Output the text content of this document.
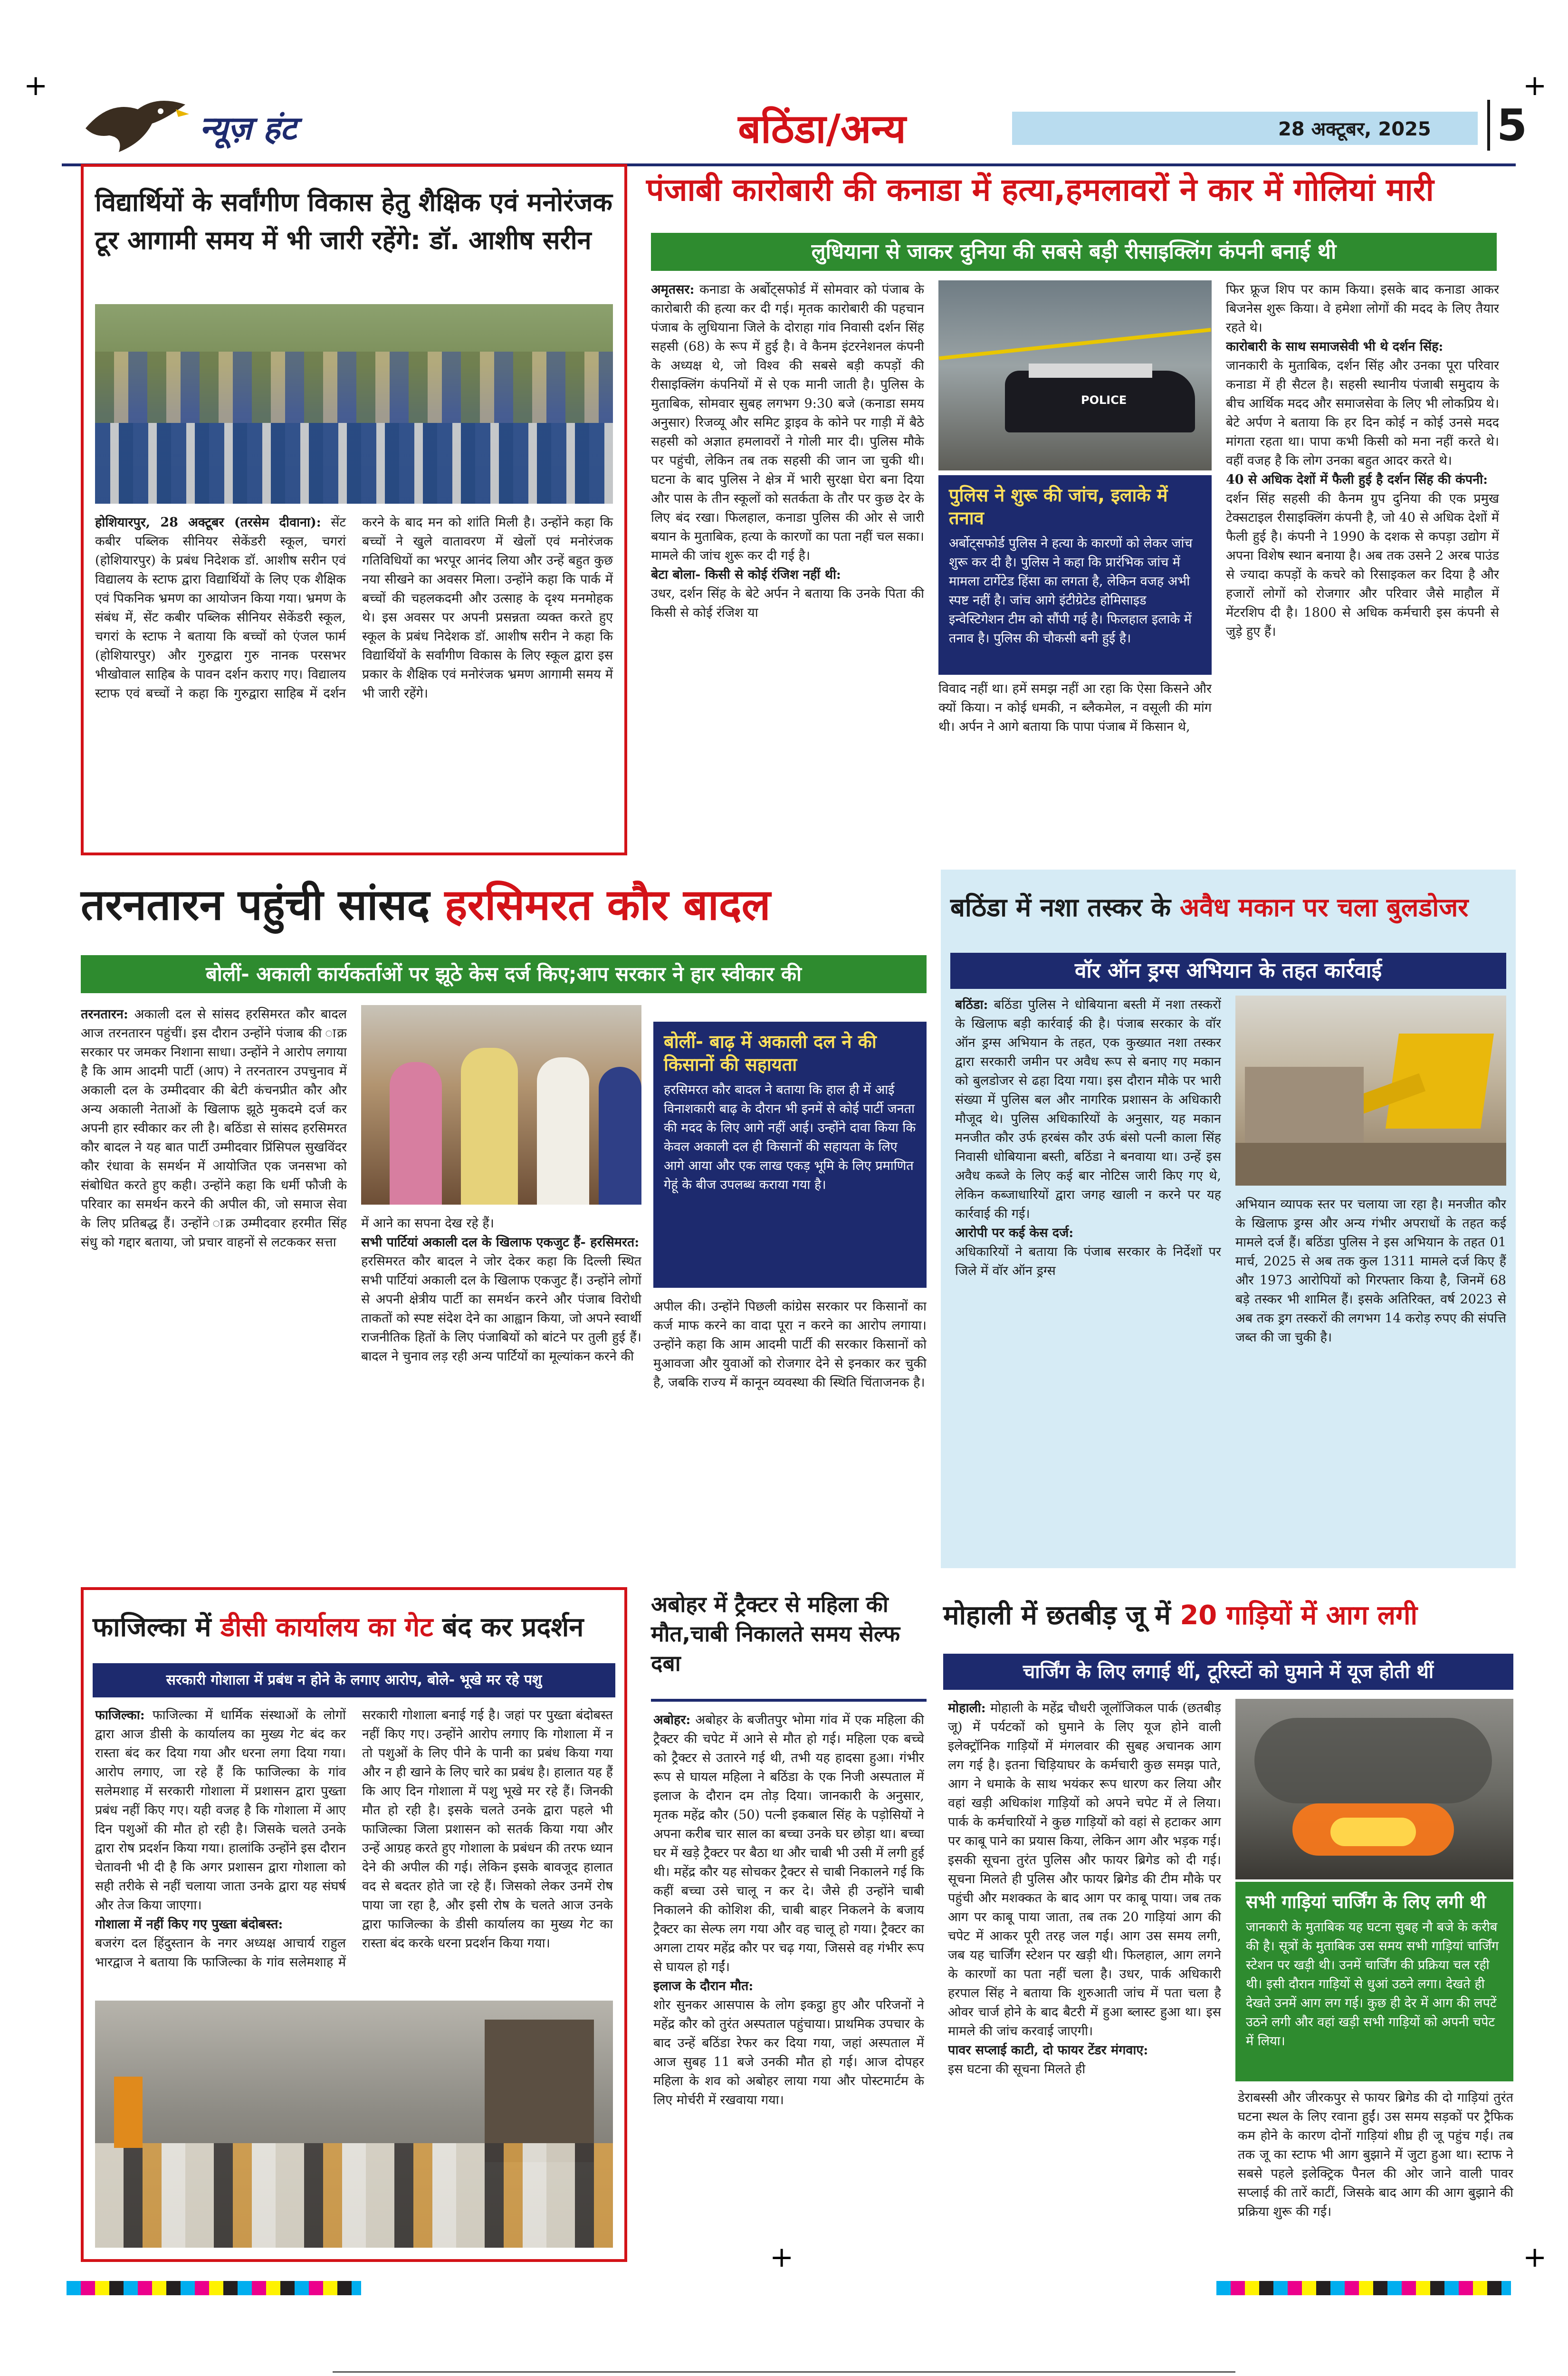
+	+
+	+
न्यूज़ हंट	बठिंडा/अन्य	28 अक्टूबर, 2025 5
विद्यार्थियों के सर्वांगीण विकास हेतु शैक्षिक एवं मनोरंजक
टूर आगामी समय में भी जारी रहेंगे: डॉ. आशीष सरीन
होशियारपुर, 28 अक्टूबर (तरसेम दीवाना): सेंट कबीर पब्लिक सीनियर सेकेंडरी स्कूल, चगरां (होशियारपुर) के प्रबंध निदेशक डॉ. आशीष सरीन एवं विद्यालय के स्टाफ द्वारा विद्यार्थियों के लिए एक शैक्षिक एवं पिकनिक भ्रमण का आयोजन किया गया। भ्रमण के संबंध में, सेंट कबीर पब्लिक सीनियर सेकेंडरी स्कूल, चगरां के स्टाफ ने बताया कि बच्चों को एंजल फार्म (होशियारपुर) और गुरुद्वारा गुरु नानक परसभर भीखोवाल साहिब के पावन दर्शन कराए गए। विद्यालय स्टाफ एवं बच्चों ने कहा कि गुरुद्वारा साहिब में दर्शन करने के बाद मन को शांति मिली है। उन्होंने कहा कि बच्चों ने खुले वातावरण में खेलों एवं मनोरंजक गतिविधियों का भरपूर आनंद लिया और उन्हें बहुत कुछ नया सीखने का अवसर मिला। उन्होंने कहा कि पार्क में बच्चों की चहलकदमी और उत्साह के दृश्य मनमोहक थे। इस अवसर पर अपनी प्रसन्नता व्यक्त करते हुए स्कूल के प्रबंध निदेशक डॉ. आशीष सरीन ने कहा कि विद्यार्थियों के सर्वांगीण विकास के लिए स्कूल द्वारा इस प्रकार के शैक्षिक एवं मनोरंजक भ्रमण आगामी समय में भी जारी रहेंगे।
पंजाबी कारोबारी की कनाडा में हत्या,हमलावरों ने कार में गोलियां मारी
लुधियाना से जाकर दुनिया की सबसे बड़ी रीसाइक्लिंग कंपनी बनाई थी
अमृतसर: कनाडा के अर्बोट्सफोर्ड में सोमवार को पंजाब के कारोबारी की हत्या कर दी गई। मृतक कारोबारी की पहचान पंजाब के लुधियाना जिले के दोराहा गांव निवासी दर्शन सिंह सहसी (68) के रूप में हुई है। वे कैनम इंटरनेशनल कंपनी के अध्यक्ष थे, जो विश्व की सबसे बड़ी कपड़ों की रीसाइक्लिंग कंपनियों में से एक मानी जाती है। पुलिस के मुताबिक, सोमवार सुबह लगभग 9:30 बजे (कनाडा समय अनुसार) रिजव्यू और समिट ड्राइव के कोने पर गाड़ी में बैठे सहसी को अज्ञात हमलावरों ने गोली मार दी। पुलिस मौके पर पहुंची, लेकिन तब तक सहसी की जान जा चुकी थी। घटना के बाद पुलिस ने क्षेत्र में भारी सुरक्षा घेरा बना दिया और पास के तीन स्कूलों को सतर्कता के तौर पर कुछ देर के लिए बंद रखा। फिलहाल, कनाडा पुलिस की ओर से जारी बयान के मुताबिक, हत्या के कारणों का पता नहीं चल सका। मामले की जांच शुरू कर दी गई है।
बेटा बोला- किसी से कोई रंजिश नहीं थी:
उधर, दर्शन सिंह के बेटे अर्पन ने बताया कि उनके पिता की किसी से कोई रंजिश या
POLICE
पुलिस ने शुरू की जांच, इलाके में तनाव
अर्बोट्सफोर्ड पुलिस ने हत्या के कारणों को लेकर जांच शुरू कर दी है। पुलिस ने कहा कि प्रारंभिक जांच में मामला टार्गेटेड हिंसा का लगता है, लेकिन वजह अभी स्पष्ट नहीं है। जांच आगे इंटीग्रेटेड होमिसाइड इन्वेस्टिगेशन टीम को सौंपी गई है। फिलहाल इलाके में तनाव है। पुलिस की चौकसी बनी हुई है।
विवाद नहीं था। हमें समझ नहीं आ रहा कि ऐसा किसने और क्यों किया। न कोई धमकी, न ब्लैकमेल, न वसूली की मांग थी। अर्पन ने आगे बताया कि पापा पंजाब में किसान थे,
फिर फ्रूज शिप पर काम किया। इसके बाद कनाडा आकर बिजनेस शुरू किया। वे हमेशा लोगों की मदद के लिए तैयार रहते थे।
कारोबारी के साथ समाजसेवी भी थे दर्शन सिंह:
जानकारी के मुताबिक, दर्शन सिंह और उनका पूरा परिवार कनाडा में ही सैटल है। सहसी स्थानीय पंजाबी समुदाय के बीच आर्थिक मदद और समाजसेवा के लिए भी लोकप्रिय थे। बेटे अर्पण ने बताया कि हर दिन कोई न कोई उनसे मदद मांगता रहता था। पापा कभी किसी को मना नहीं करते थे। वहीं वजह है कि लोग उनका बहुत आदर करते थे।
40 से अधिक देशों में फैली हुई है दर्शन सिंह की कंपनी:
दर्शन सिंह सहसी की कैनम ग्रुप दुनिया की एक प्रमुख टेक्सटाइल रीसाइक्लिंग कंपनी है, जो 40 से अधिक देशों में फैली हुई है। कंपनी ने 1990 के दशक से कपड़ा उद्योग में अपना विशेष स्थान बनाया है। अब तक उसने 2 अरब पाउंड से ज्यादा कपड़ों के कचरे को रिसाइकल कर दिया है और हजारों लोगों को रोजगार और परिवार जैसे माहौल में मेंटरशिप दी है। 1800 से अधिक कर्मचारी इस कंपनी से जुड़े हुए हैं।
तरनतारन पहुंची सांसद हरसिमरत कौर बादल
बोलीं- अकाली कार्यकर्ताओं पर झूठे केस दर्ज किए;आप सरकार ने हार स्वीकार की
तरनतारन: अकाली दल से सांसद हरसिमरत कौर बादल आज तरनतारन पहुंचीं। इस दौरान उन्होंने पंजाब की ाक्र सरकार पर जमकर निशाना साधा। उन्होंने ने आरोप लगाया है कि आम आदमी पार्टी (आप) ने तरनतारन उपचुनाव में अकाली दल के उम्मीदवार की बेटी कंचनप्रीत कौर और अन्य अकाली नेताओं के खिलाफ झूठे मुकदमे दर्ज कर अपनी हार स्वीकार कर ली है। बठिंडा से सांसद हरसिमरत कौर बादल ने यह बात पार्टी उम्मीदवार प्रिंसिपल सुखविंदर कौर रंधावा के समर्थन में आयोजित एक जनसभा को संबोधित करते हुए कही। उन्होंने कहा कि धर्मी फौजी के परिवार का समर्थन करने की अपील की, जो समाज सेवा के लिए प्रतिबद्ध हैं। उन्होंने ाक्र उम्मीदवार हरमीत सिंह संधु को गद्दार बताया, जो प्रचार वाहनों से लटककर सत्ता
बोलीं- बाढ़ में अकाली दल ने की किसानों की सहायता
हरसिमरत कौर बादल ने बताया कि हाल ही में आई विनाशकारी बाढ़ के दौरान भी इनमें से कोई पार्टी जनता की मदद के लिए आगे नहीं आई। उन्होंने दावा किया कि केवल अकाली दल ही किसानों की सहायता के लिए आगे आया और एक लाख एकड़ भूमि के लिए प्रमाणित गेहूं के बीज उपलब्ध कराया गया है।
में आने का सपना देख रहे हैं।
सभी पार्टियां अकाली दल के खिलाफ एकजुट हैं- हरसिमरत:
हरसिमरत कौर बादल ने जोर देकर कहा कि दिल्ली स्थित सभी पार्टियां अकाली दल के खिलाफ एकजुट हैं। उन्होंने लोगों से अपनी क्षेत्रीय पार्टी का समर्थन करने और पंजाब विरोधी ताकतों को स्पष्ट संदेश देने का आह्वान किया, जो अपने स्वार्थी राजनीतिक हितों के लिए पंजाबियों को बांटने पर तुली हुई हैं। बादल ने चुनाव लड़ रही अन्य पार्टियों का मूल्यांकन करने की
अपील की। उन्होंने पिछली कांग्रेस सरकार पर किसानों का कर्ज माफ करने का वादा पूरा न करने का आरोप लगाया। उन्होंने कहा कि आम आदमी पार्टी की सरकार किसानों को मुआवजा और युवाओं को रोजगार देने से इनकार कर चुकी है, जबकि राज्य में कानून व्यवस्था की स्थिति चिंताजनक है।
बठिंडा में नशा तस्कर के अवैध मकान पर चला बुलडोजर
वॉर ऑन ड्रग्स अभियान के तहत कार्रवाई
बठिंडा: बठिंडा पुलिस ने धोबियाना बस्ती में नशा तस्करों के खिलाफ बड़ी कार्रवाई की है। पंजाब सरकार के वॉर ऑन ड्रग्स अभियान के तहत, एक कुख्यात नशा तस्कर द्वारा सरकारी जमीन पर अवैध रूप से बनाए गए मकान को बुलडोजर से ढहा दिया गया। इस दौरान मौके पर भारी संख्या में पुलिस बल और नागरिक प्रशासन के अधिकारी मौजूद थे। पुलिस अधिकारियों के अनुसार, यह मकान मनजीत कौर उर्फ हरबंस कौर उर्फ बंसो पत्नी काला सिंह निवासी धोबियाना बस्ती, बठिंडा ने बनवाया था। उन्हें इस अवैध कब्जे के लिए कई बार नोटिस जारी किए गए थे, लेकिन कब्जाधारियों द्वारा जगह खाली न करने पर यह कार्रवाई की गई।
आरोपी पर कई केस दर्ज:
अधिकारियों ने बताया कि पंजाब सरकार के निर्देशों पर जिले में वॉर ऑन ड्रग्स
अभियान व्यापक स्तर पर चलाया जा रहा है। मनजीत कौर के खिलाफ ड्रग्स और अन्य गंभीर अपराधों के तहत कई मामले दर्ज हैं। बठिंडा पुलिस ने इस अभियान के तहत 01 मार्च, 2025 से अब तक कुल 1311 मामले दर्ज किए हैं और 1973 आरोपियों को गिरफ्तार किया है, जिनमें 68 बड़े तस्कर भी शामिल हैं। इसके अतिरिक्त, वर्ष 2023 से अब तक ड्रग तस्करों की लगभग 14 करोड़ रुपए की संपत्ति जब्त की जा चुकी है।
फाजिल्का में डीसी कार्यालय का गेट बंद कर प्रदर्शन
सरकारी गोशाला में प्रबंध न होने के लगाए आरोप, बोले- भूखे मर रहे पशु
फाजिल्का: फाजिल्का में धार्मिक संस्थाओं के लोगों द्वारा आज डीसी के कार्यालय का मुख्य गेट बंद कर रास्ता बंद कर दिया गया और धरना लगा दिया गया। आरोप लगाए, जा रहे हैं कि फाजिल्का के गांव सलेमशाह में सरकारी गोशाला में प्रशासन द्वारा पुख्ता प्रबंध नहीं किए गए। यही वजह है कि गोशाला में आए दिन पशुओं की मौत हो रही है। जिसके चलते उनके द्वारा रोष प्रदर्शन किया गया। हालांकि उन्होंने इस दौरान चेतावनी भी दी है कि अगर प्रशासन द्वारा गोशाला को सही तरीके से नहीं चलाया जाता उनके द्वारा यह संघर्ष और तेज किया जाएगा।
गोशाला में नहीं किए गए पुख्ता बंदोबस्त:
बजरंग दल हिंदुस्तान के नगर अध्यक्ष आचार्य राहुल भारद्वाज ने बताया कि फाजिल्का के गांव सलेमशाह में सरकारी गोशाला बनाई गई है। जहां पर पुख्ता बंदोबस्त नहीं किए गए। उन्होंने आरोप लगाए कि गोशाला में न तो पशुओं के लिए पीने के पानी का प्रबंध किया गया और न ही खाने के लिए चारे का प्रबंध है। हालात यह हैं कि आए दिन गोशाला में पशु भूखे मर रहे हैं। जिनकी मौत हो रही है। इसके चलते उनके द्वारा पहले भी फाजिल्का जिला प्रशासन को सतर्क किया गया और उन्हें आग्रह करते हुए गोशाला के प्रबंधन की तरफ ध्यान देने की अपील की गई। लेकिन इसके बावजूद हालात वद से बदतर होते जा रहे हैं। जिसको लेकर उनमें रोष पाया जा रहा है, और इसी रोष के चलते आज उनके द्वारा फाजिल्का के डीसी कार्यालय का मुख्य गेट का रास्ता बंद करके धरना प्रदर्शन किया गया।
अबोहर में ट्रैक्टर से महिला की मौत,चाबी निकालते समय सेल्फ दबा
अबोहर: अबोहर के बजीतपुर भोमा गांव में एक महिला की ट्रैक्टर की चपेट में आने से मौत हो गई। महिला एक बच्चे को ट्रैक्टर से उतारने गई थी, तभी यह हादसा हुआ। गंभीर रूप से घायल महिला ने बठिंडा के एक निजी अस्पताल में इलाज के दौरान दम तोड़ दिया। जानकारी के अनुसार, मृतक महेंद्र कौर (50) पत्नी इकबाल सिंह के पड़ोसियों ने अपना करीब चार साल का बच्चा उनके घर छोड़ा था। बच्चा घर में खड़े ट्रैक्टर पर बैठा था और चाबी भी उसी में लगी हुई थी। महेंद्र कौर यह सोचकर ट्रैक्टर से चाबी निकालने गई कि कहीं बच्चा उसे चालू न कर दे। जैसे ही उन्होंने चाबी निकालने की कोशिश की, चाबी बाहर निकलने के बजाय ट्रैक्टर का सेल्फ लग गया और वह चालू हो गया। ट्रैक्टर का अगला टायर महेंद्र कौर पर चढ़ गया, जिससे वह गंभीर रूप से घायल हो गईं।
इलाज के दौरान मौत:
शोर सुनकर आसपास के लोग इकट्ठा हुए और परिजनों ने महेंद्र कौर को तुरंत अस्पताल पहुंचाया। प्राथमिक उपचार के बाद उन्हें बठिंडा रेफर कर दिया गया, जहां अस्पताल में आज सुबह 11 बजे उनकी मौत हो गई। आज दोपहर महिला के शव को अबोहर लाया गया और पोस्टमार्टम के लिए मोर्चरी में रखवाया गया।
मोहाली में छतबीड़ जू में 20 गाड़ियों में आग लगी
चार्जिंग के लिए लगाई थीं, टूरिस्टों को घुमाने में यूज होती थीं
मोहाली: मोहाली के महेंद्र चौधरी जूलॉजिकल पार्क (छतबीड़ जू) में पर्यटकों को घुमाने के लिए यूज होने वाली इलेक्ट्रॉनिक गाड़ियों में मंगलवार की सुबह अचानक आग लग गई है। इतना चिड़ियाघर के कर्मचारी कुछ समझ पाते, आग ने धमाके के साथ भयंकर रूप धारण कर लिया और वहां खड़ी अधिकांश गाड़ियों को अपने चपेट में ले लिया। पार्क के कर्मचारियों ने कुछ गाड़ियों को वहां से हटाकर आग पर काबू पाने का प्रयास किया, लेकिन आग और भड़क गई। इसकी सूचना तुरंत पुलिस और फायर ब्रिगेड को दी गई। सूचना मिलते ही पुलिस और फायर ब्रिगेड की टीम मौके पर पहुंची और मशक्कत के बाद आग पर काबू पाया। जब तक आग पर काबू पाया जाता, तब तक 20 गाड़ियां आग की चपेट में आकर पूरी तरह जल गई। आग उस समय लगी, जब यह चार्जिंग स्टेशन पर खड़ी थी। फिलहाल, आग लगने के कारणों का पता नहीं चला है। उधर, पार्क अधिकारी हरपाल सिंह ने बताया कि शुरुआती जांच में पता चला है ओवर चार्ज होने के बाद बैटरी में हुआ ब्लास्ट हुआ था। इस मामले की जांच करवाई जाएगी।
पावर सप्लाई काटी, दो फायर टेंडर मंगवाए:
इस घटना की सूचना मिलते ही
सभी गाड़ियां चार्जिंग के लिए लगी थी
जानकारी के मुताबिक यह घटना सुबह नौ बजे के करीब की है। सूत्रों के मुताबिक उस समय सभी गाड़ियां चार्जिंग स्टेशन पर खड़ी थी। उनमें चार्जिंग की प्रक्रिया चल रही थी। इसी दौरान गाड़ियों से धुआं उठने लगा। देखते ही देखते उनमें आग लग गई। कुछ ही देर में आग की लपटें उठने लगी और वहां खड़ी सभी गाड़ियों को अपनी चपेट में लिया।
डेराबस्सी और जीरकपुर से फायर ब्रिगेड की दो गाड़ियां तुरंत घटना स्थल के लिए रवाना हुईं। उस समय सड़कों पर ट्रैफिक कम होने के कारण दोनों गाड़ियां शीघ्र ही जू पहुंच गई। तब तक जू का स्टाफ भी आग बुझाने में जुटा हुआ था। स्टाफ ने सबसे पहले इलेक्ट्रिक पैनल की ओर जाने वाली पावर सप्लाई की तारें काटीं, जिसके बाद आग की आग बुझाने की प्रक्रिया शुरू की गई।
